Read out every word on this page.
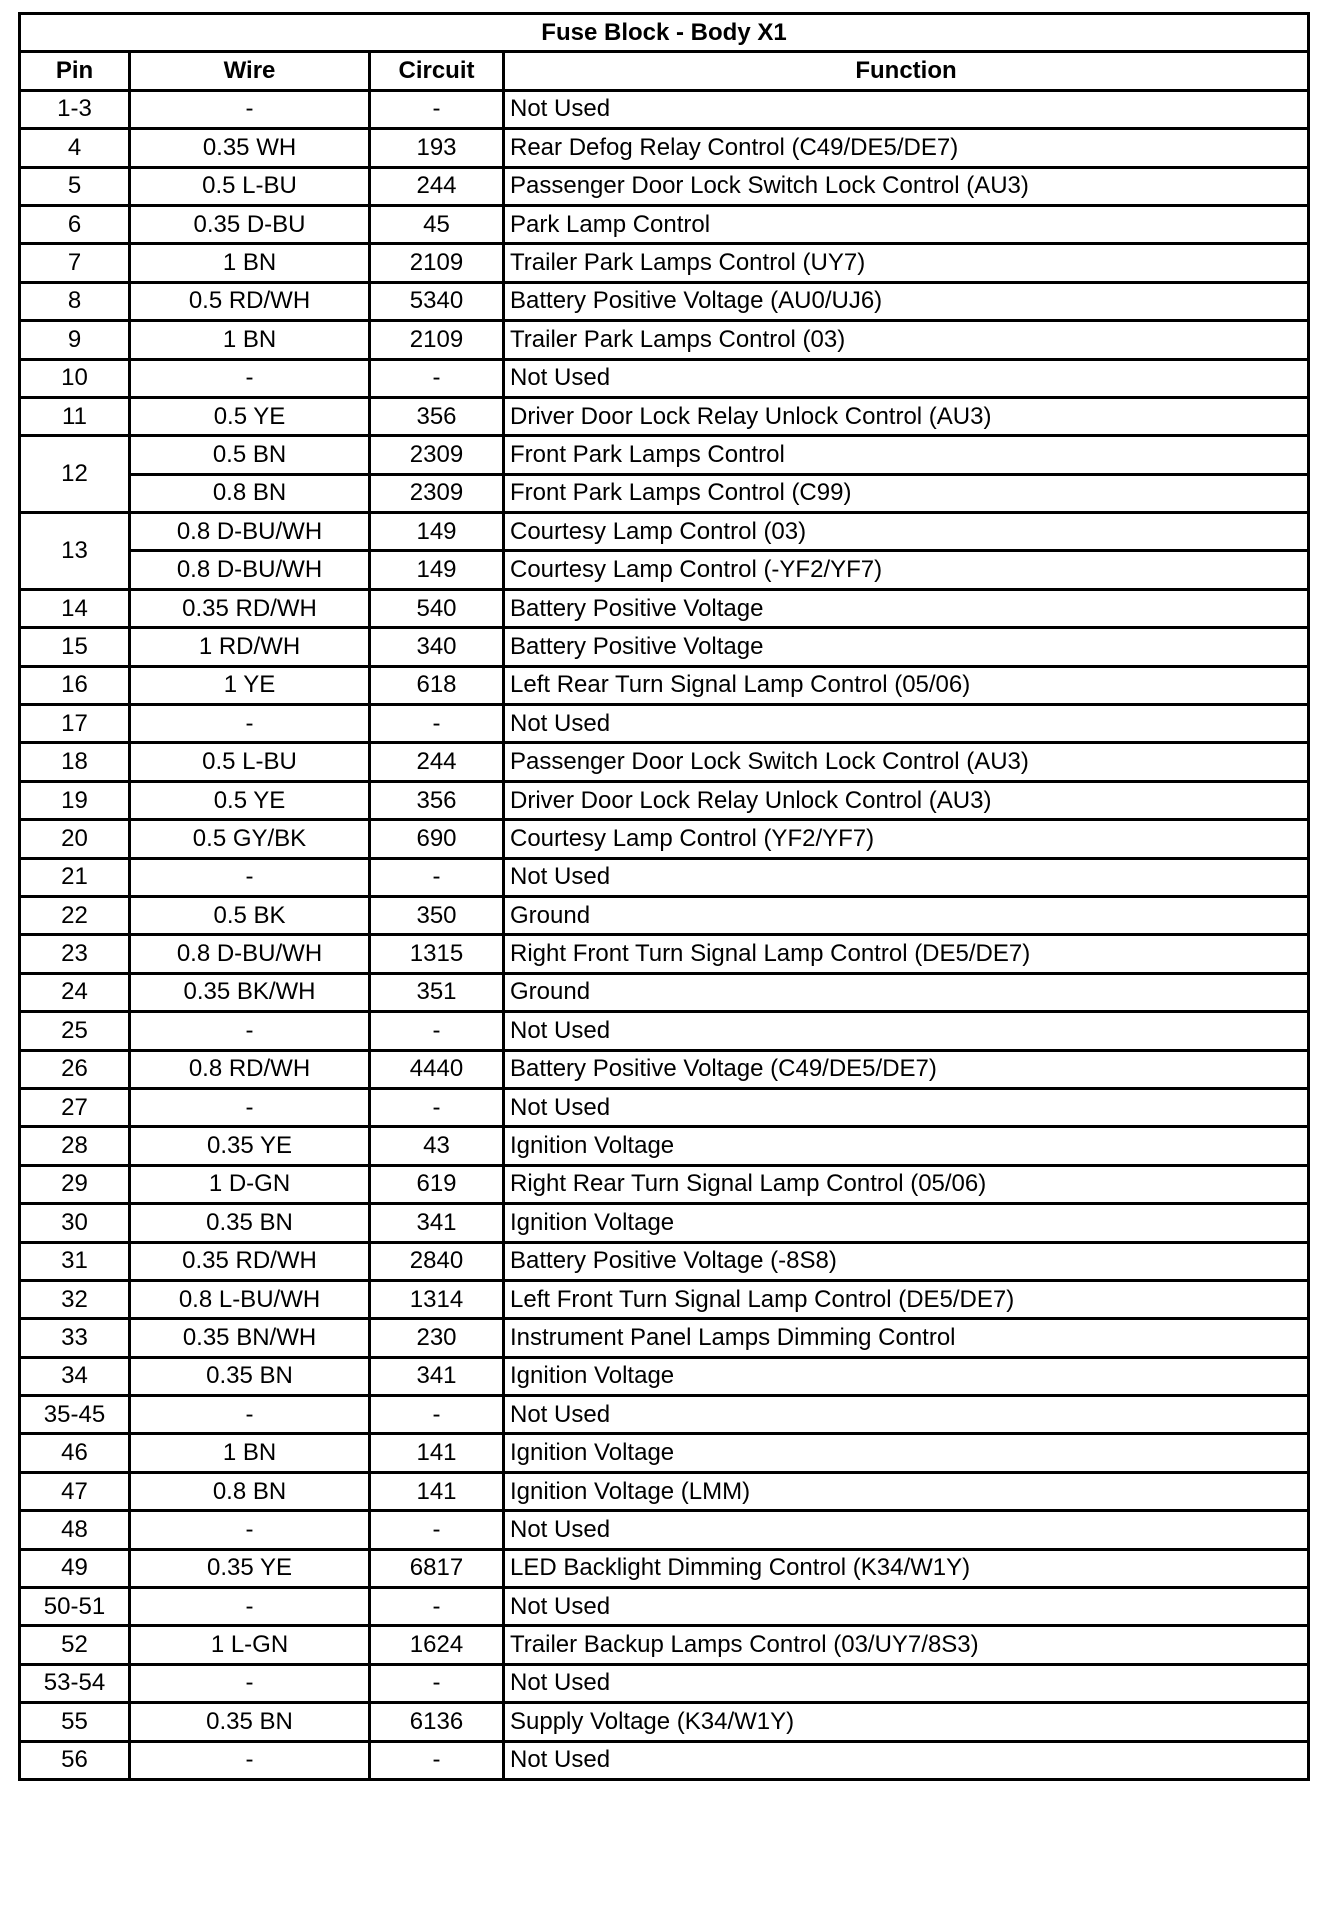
Fuse Block - Body X1			
Pin	Wire	Circuit	Function
1-3	-	-	Not Used
4	0.35 WH	193	Rear Defog Relay Control (C49/DE5/DE7)
5	0.5 L-BU	244	Passenger Door Lock Switch Lock Control (AU3)
6	0.35 D-BU	45	Park Lamp Control
7	1 BN	2109	Trailer Park Lamps Control (UY7)
8	0.5 RD/WH	5340	Battery Positive Voltage (AU0/UJ6)
9	1 BN	2109	Trailer Park Lamps Control (03)
10	-	-	Not Used
11	0.5 YE	356	Driver Door Lock Relay Unlock Control (AU3)
12	0.5 BN	2309	Front Park Lamps Control
	0.8 BN	2309	Front Park Lamps Control (C99)
13	0.8 D-BU/WH	149	Courtesy Lamp Control (03)
	0.8 D-BU/WH	149	Courtesy Lamp Control (-YF2/YF7)
14	0.35 RD/WH	540	Battery Positive Voltage
15	1 RD/WH	340	Battery Positive Voltage
16	1 YE	618	Left Rear Turn Signal Lamp Control (05/06)
17	-	-	Not Used
18	0.5 L-BU	244	Passenger Door Lock Switch Lock Control (AU3)
19	0.5 YE	356	Driver Door Lock Relay Unlock Control (AU3)
20	0.5 GY/BK	690	Courtesy Lamp Control (YF2/YF7)
21	-	-	Not Used
22	0.5 BK	350	Ground
23	0.8 D-BU/WH	1315	Right Front Turn Signal Lamp Control (DE5/DE7)
24	0.35 BK/WH	351	Ground
25	-	-	Not Used
26	0.8 RD/WH	4440	Battery Positive Voltage (C49/DE5/DE7)
27	-	-	Not Used
28	0.35 YE	43	Ignition Voltage
29	1 D-GN	619	Right Rear Turn Signal Lamp Control (05/06)
30	0.35 BN	341	Ignition Voltage
31	0.35 RD/WH	2840	Battery Positive Voltage (-8S8)
32	0.8 L-BU/WH	1314	Left Front Turn Signal Lamp Control (DE5/DE7)
33	0.35 BN/WH	230	Instrument Panel Lamps Dimming Control
34	0.35 BN	341	Ignition Voltage
35-45	-	-	Not Used
46	1 BN	141	Ignition Voltage
47	0.8 BN	141	Ignition Voltage (LMM)
48	-	-	Not Used
49	0.35 YE	6817	LED Backlight Dimming Control (K34/W1Y)
50-51	-	-	Not Used
52	1 L-GN	1624	Trailer Backup Lamps Control (03/UY7/8S3)
53-54	-	-	Not Used
55	0.35 BN	6136	Supply Voltage (K34/W1Y)
56	-	-	Not Used
